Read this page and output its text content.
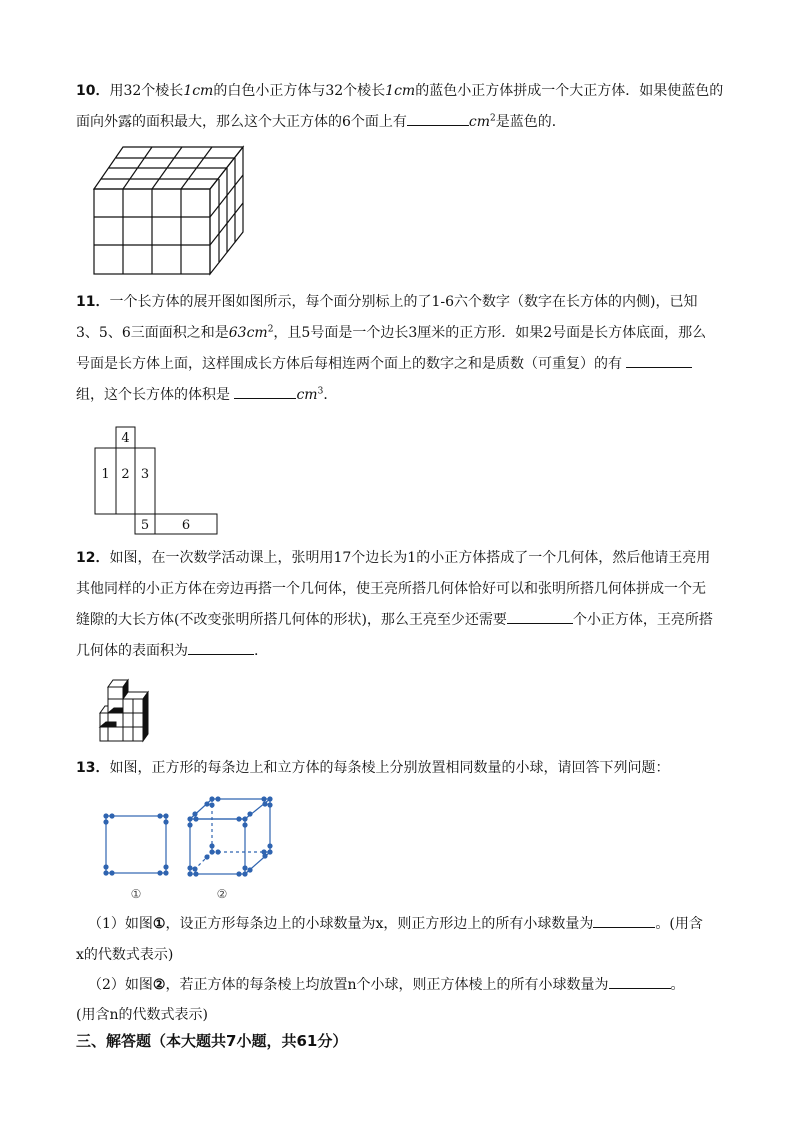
10．用32个棱长1cm的白色小正方体与32个棱长1cm的蓝色小正方体拼成一个大正方体．如果使蓝色的

面向外露的面积最大，那么这个大正方体的6个面上有	$cm^2$是蓝色的．

11．一个长方体的展开图如图所示，每个面分别标上的了1-6六个数字（数字在长方体的内侧)，已知

3、5、6三面面积之和是$63cm^2$，且5号面是一个边长3厘米的正方形．如果2号面是长方体底面，那么

号面是长方体上面，这样围成长方体后每相连两个面上的数字之和是质数（可重复）的有

组，这个长方体的体积是	$cm^3$．

4
1 2 3
5	6

12．如图，在一次数学活动课上，张明用17个边长为1的小正方体搭成了一个几何体，然后他请王亮用

其他同样的小正方体在旁边再搭一个几何体，使王亮所搭几何体恰好可以和张明所搭几何体拼成一个无

缝隙的大长方体(不改变张明所搭几何体的形状)，那么王亮至少还需要	个小正方体，王亮所搭

几何体的表面积为	.

13．如图，正方形的每条边上和立方体的每条棱上分别放置相同数量的小球，请回答下列问题：

①	②

（1）如图①，设正方形每条边上的小球数量为x，则正方形边上的所有小球数量为	。(用含

x的代数式表示)

（2）如图②，若正方体的每条棱上均放置n个小球，则正方体棱上的所有小球数量为	。

(用含n的代数式表示)

三、解答题（本大题共7小题，共61分）
